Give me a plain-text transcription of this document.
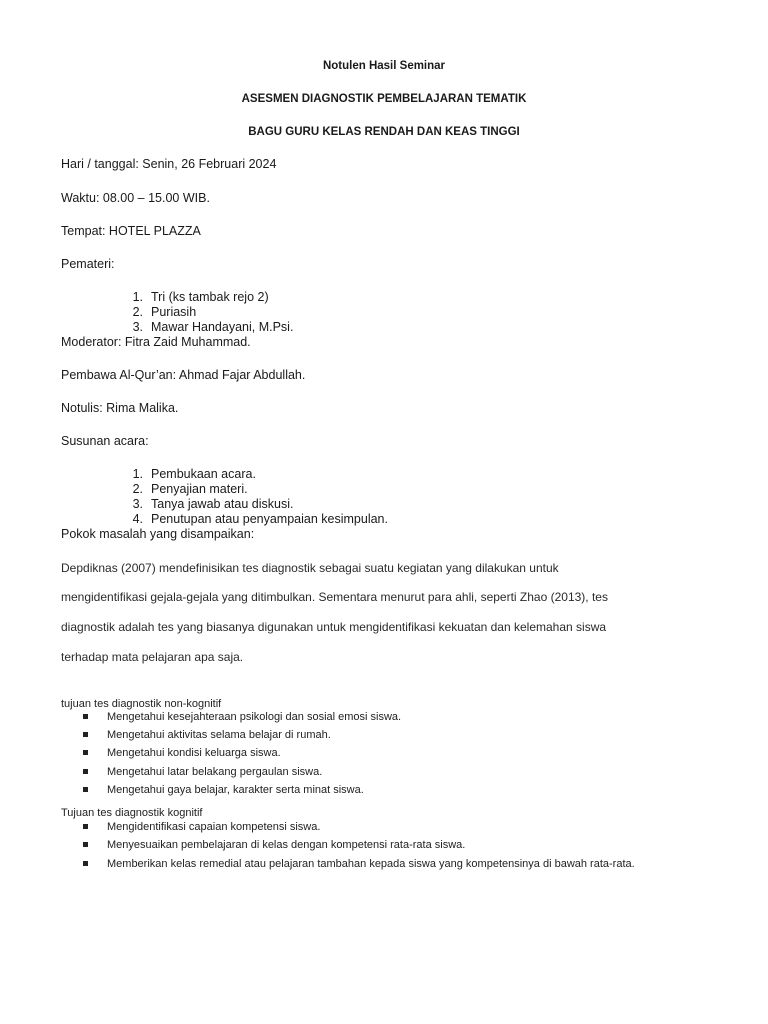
Notulen Hasil Seminar
ASESMEN DIAGNOSTIK PEMBELAJARAN TEMATIK
BAGU GURU KELAS RENDAH DAN KEAS TINGGI
Hari / tanggal: Senin, 26 Februari 2024
Waktu: 08.00 – 15.00 WIB.
Tempat: HOTEL PLAZZA
Pemateri:
1. Tri (ks tambak rejo 2)
2. Puriasih
3. Mawar Handayani, M.Psi.
Moderator: Fitra Zaid Muhammad.
Pembawa Al-Qur’an: Ahmad Fajar Abdullah.
Notulis: Rima Malika.
Susunan acara:
1. Pembukaan acara.
2. Penyajian materi.
3. Tanya jawab atau diskusi.
4. Penutupan atau penyampaian kesimpulan.
Pokok masalah yang disampaikan:
Depdiknas (2007) mendefinisikan tes diagnostik sebagai suatu kegiatan yang dilakukan untuk
mengidentifikasi gejala-gejala yang ditimbulkan. Sementara menurut para ahli, seperti Zhao (2013), tes
diagnostik adalah tes yang biasanya digunakan untuk mengidentifikasi kekuatan dan kelemahan siswa
terhadap mata pelajaran apa saja.
tujuan tes diagnostik non-kognitif
Mengetahui kesejahteraan psikologi dan sosial emosi siswa.
Mengetahui aktivitas selama belajar di rumah.
Mengetahui kondisi keluarga siswa.
Mengetahui latar belakang pergaulan siswa.
Mengetahui gaya belajar, karakter serta minat siswa.
Tujuan tes diagnostik kognitif
Mengidentifikasi capaian kompetensi siswa.
Menyesuaikan pembelajaran di kelas dengan kompetensi rata-rata siswa.
Memberikan kelas remedial atau pelajaran tambahan kepada siswa yang kompetensinya di bawah rata-rata.
